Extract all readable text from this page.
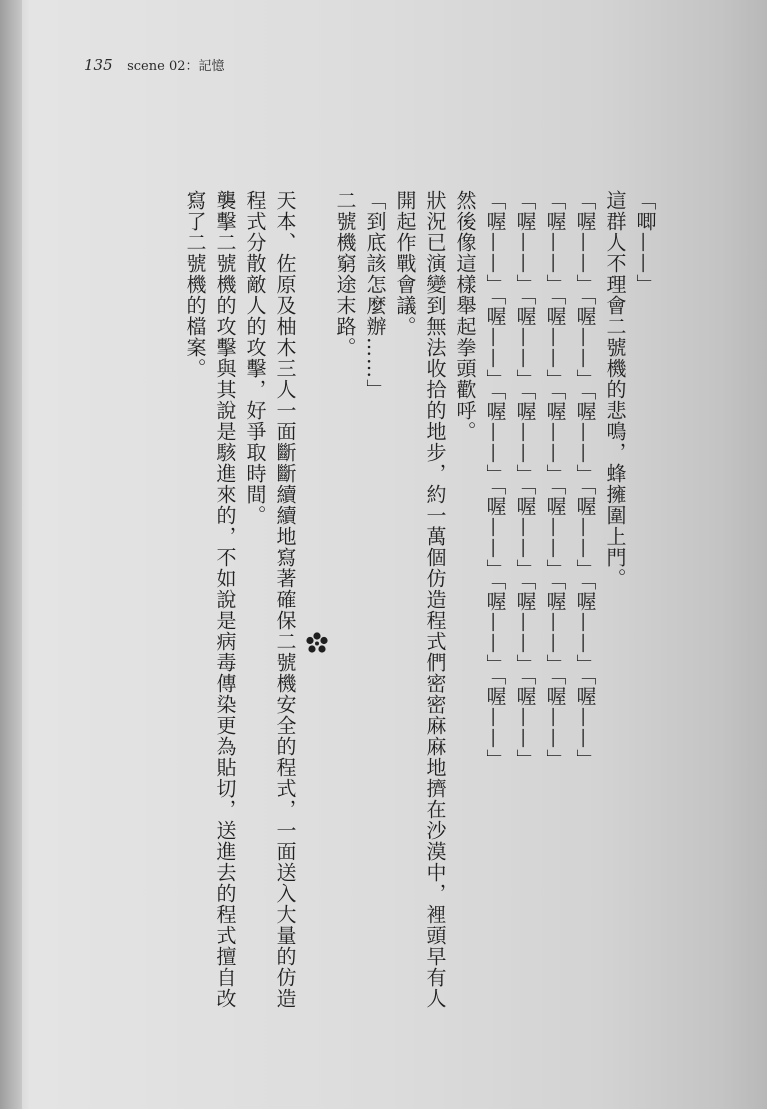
135 scene 02：記憶

「唧——」

這群人不理會二號機的悲鳴，蜂擁圍上門。

「喔——」「喔——」「喔——」「喔——」「喔——」「喔——」

「喔——」「喔——」「喔——」「喔——」「喔——」「喔——」

「喔——」「喔——」「喔——」「喔——」「喔——」「喔——」

「喔——」「喔——」「喔——」「喔——」「喔——」「喔——」

然後像這樣舉起拳頭歡呼。

狀況已演變到無法收拾的地步，約一萬個仿造程式們密密麻麻地擠在沙漠中，裡頭早有人

開起作戰會議。

「到底該怎麼辦……」

二號機窮途末路。

天本、佐原及柚木三人一面斷斷續續地寫著確保二號機安全的程式，一面送入大量的仿造

程式分散敵人的攻擊，好爭取時間。

襲擊二號機的攻擊與其說是駭進來的，不如說是病毒傳染更為貼切，送進去的程式擅自改

寫了二號機的檔案。
